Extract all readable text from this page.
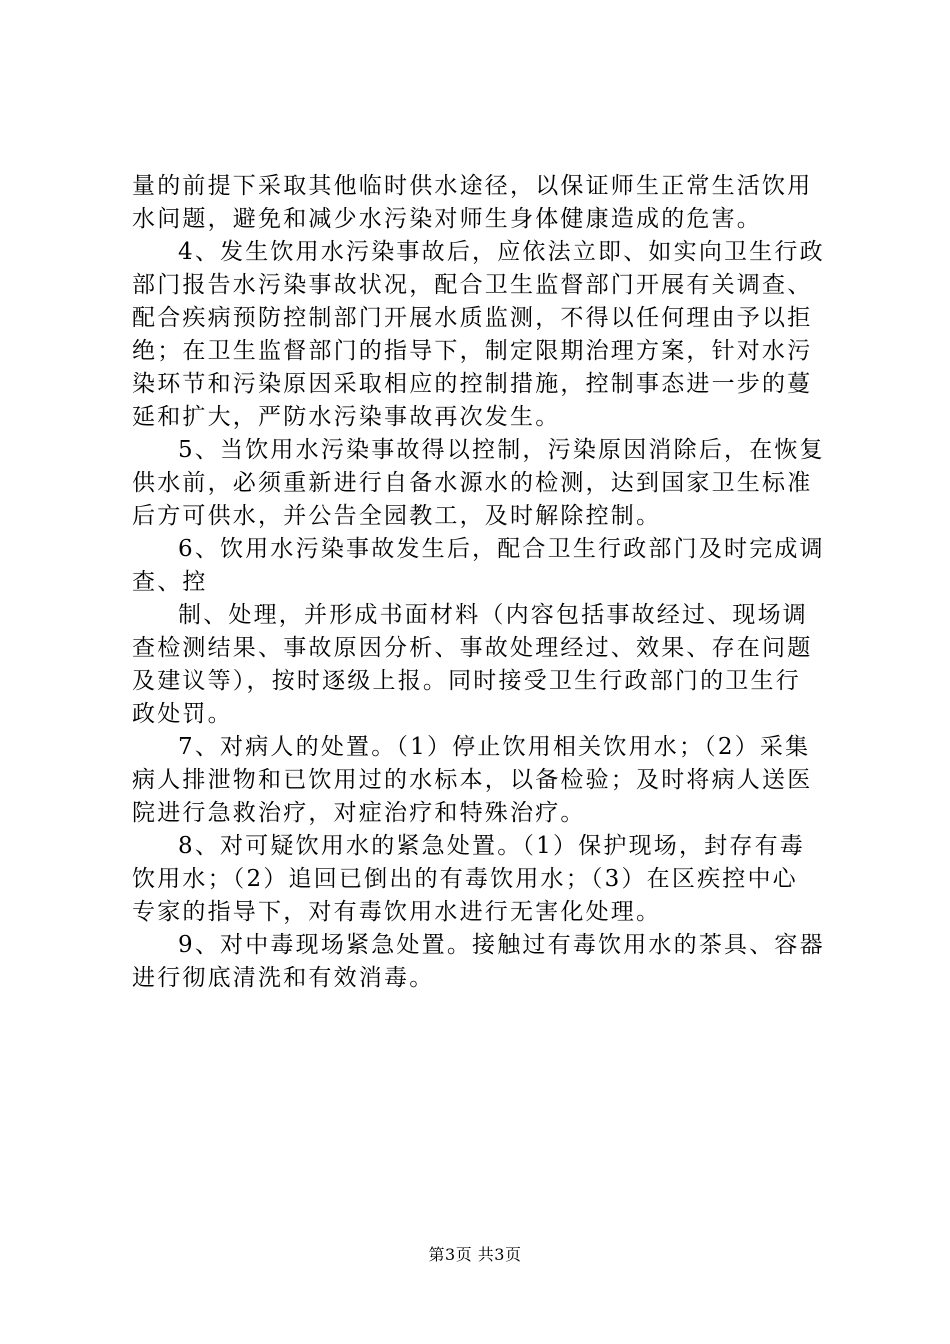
量的前提下采取其他临时供水途径，以保证师生正常生活饮用
水问题，避免和减少水污染对师生身体健康造成的危害。
4、发生饮用水污染事故后，应依法立即、如实向卫生行政
部门报告水污染事故状况，配合卫生监督部门开展有关调查、
配合疾病预防控制部门开展水质监测，不得以任何理由予以拒
绝；在卫生监督部门的指导下，制定限期治理方案，针对水污
染环节和污染原因采取相应的控制措施，控制事态进一步的蔓
延和扩大，严防水污染事故再次发生。
5、当饮用水污染事故得以控制，污染原因消除后，在恢复
供水前，必须重新进行自备水源水的检测，达到国家卫生标准
后方可供水，并公告全园教工，及时解除控制。
6、饮用水污染事故发生后，配合卫生行政部门及时完成调
查、控
制、处理，并形成书面材料（内容包括事故经过、现场调
查检测结果、事故原因分析、事故处理经过、效果、存在问题
及建议等），按时逐级上报。同时接受卫生行政部门的卫生行
政处罚。
7、对病人的处置。（1）停止饮用相关饮用水；（2）采集
病人排泄物和已饮用过的水标本，以备检验；及时将病人送医
院进行急救治疗，对症治疗和特殊治疗。
8、对可疑饮用水的紧急处置。（1）保护现场，封存有毒
饮用水；（2）追回已倒出的有毒饮用水；（3）在区疾控中心
专家的指导下，对有毒饮用水进行无害化处理。
9、对中毒现场紧急处置。接触过有毒饮用水的茶具、容器
进行彻底清洗和有效消毒。
第3页 共3页
